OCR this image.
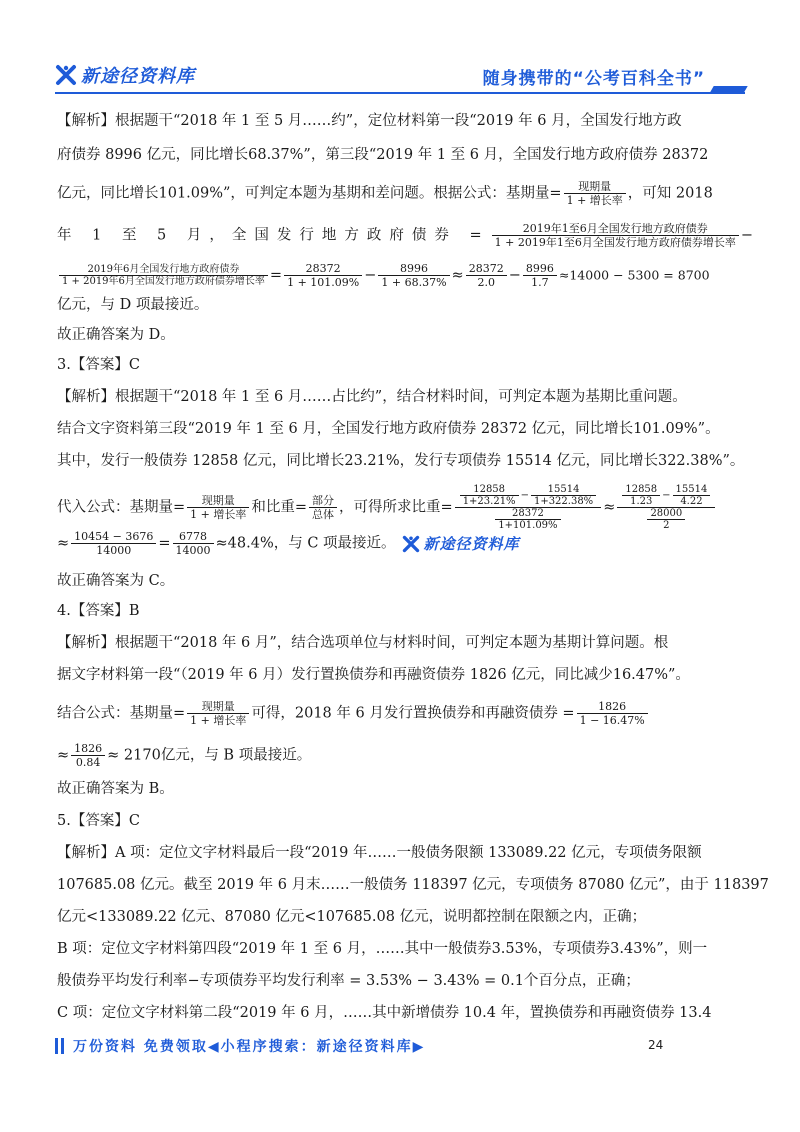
新途径资料库	随身携带的“公考百科全书”
【解析】根据题干“2018 年 1 至 5 月……约”，定位材料第一段“2019 年 6 月，全国发行地方政
府债券 8996 亿元，同比增长68.37%”，第三段“2019 年 1 至 6 月，全国发行地方政府债券 28372
亿元，同比增长101.09%”，可判定本题为基期和差问题。根据公式：基期量= $\frac{\text{现期量}}{\text{1 + 增长率}}$ ，可知 2018
年 1 至 5 月，全国发行地方政府债券 = $\frac{\text{2019年1至6月全国发行地方政府债券}}{\text{1 + 2019年1至6月全国发行地方政府债券增长率}}$ −
$\frac{\text{2019年6月全国发行地方政府债券}}{\text{1 + 2019年6月全国发行地方政府债券增长率}} = \frac{28372}{1 + 101.09\%} - \frac{8996}{1 + 68.37\%} \approx \frac{28372}{2.0} - \frac{8996}{1.7} \approx 14000 - 5300 = 8700$
亿元，与 D 项最接近。
故正确答案为 D。
3.【答案】C
【解析】根据题干“2018 年 1 至 6 月……占比约”，结合材料时间，可判定本题为基期比重问题。
结合文字资料第三段“2019 年 1 至 6 月，全国发行地方政府债券 28372 亿元，同比增长101.09%”。
其中，发行一般债券 12858 亿元，同比增长23.21%，发行专项债券 15514 亿元，同比增长322.38%”。
代入公式：基期量= $\frac{\text{现期量}}{\text{1 + 增长率}}$ 和比重= $\frac{\text{部分}}{\text{总体}}$ ，可得所求比重= $\frac{\frac{12858}{1+23.21\%} - \frac{15514}{1+322.38\%}}{\frac{28372}{1+101.09\%}} \approx \frac{\frac{12858}{1.23} - \frac{15514}{4.22}}{\frac{28000}{2}}$
≈ $\frac{10454 - 3676}{14000} = \frac{6778}{14000} \approx 48.4\%$，与 C 项最接近。 新途径资料库
故正确答案为 C。
4.【答案】B
【解析】根据题干“2018 年 6 月”，结合选项单位与材料时间，可判定本题为基期计算问题。根
据文字材料第一段“（2019 年 6 月）发行置换债券和再融资债券 1826 亿元，同比减少16.47%”。
结合公式：基期量= $\frac{\text{现期量}}{\text{1 + 增长率}}$ 可得，2018 年 6 月发行置换债券和再融资债券 = $\frac{1826}{1 - 16.47\%}$
≈ $\frac{1826}{0.84} \approx 2170$亿元，与 B 项最接近。
故正确答案为 B。
5.【答案】C
【解析】A 项：定位文字材料最后一段“2019 年……一般债务限额 133089.22 亿元，专项债务限额
107685.08 亿元。截至 2019 年 6 月末……一般债务 118397 亿元，专项债务 87080 亿元”，由于 118397
亿元<133089.22 亿元、87080 亿元<107685.08 亿元，说明都控制在限额之内，正确；
B 项：定位文字材料第四段“2019 年 1 至 6 月，……其中一般债券3.53%，专项债券3.43%”，则一
般债券平均发行利率−专项债券平均发行利率 = 3.53% − 3.43% = 0.1个百分点，正确；
C 项：定位文字材料第二段“2019 年 6 月，……其中新增债券 10.4 年，置换债券和再融资债券 13.4
万份资料 免费领取◀小程序搜索：新途径资料库▶	24
